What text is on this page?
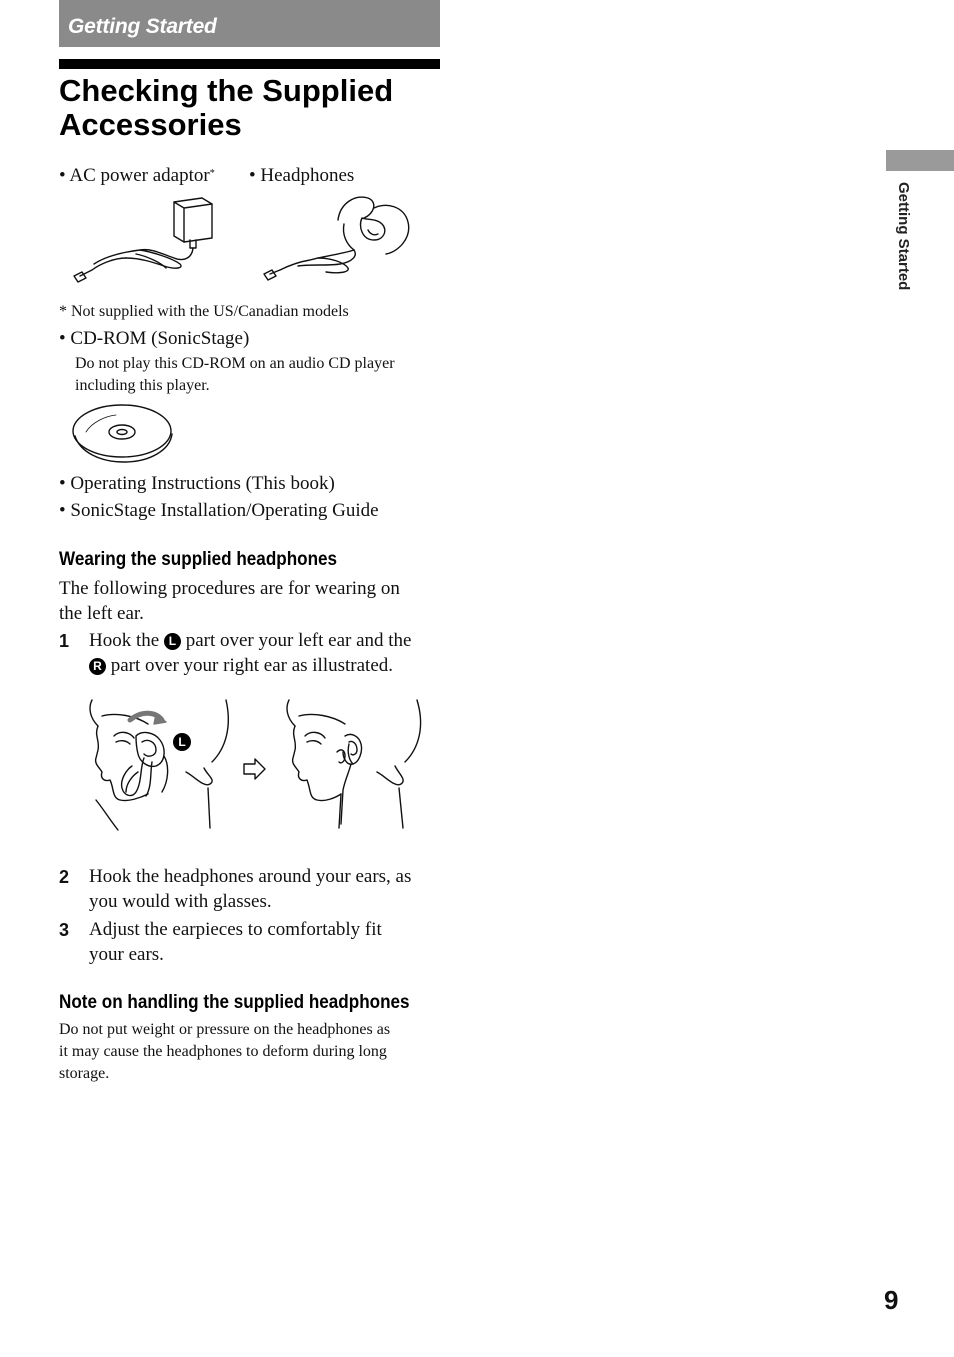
Getting Started
Checking the Supplied
Accessories
• AC power adaptor* • Headphones
* Not supplied with the US/Canadian models
• CD-ROM (SonicStage)
Do not play this CD-ROM on an audio CD player
including this player.
• Operating Instructions (This book)
• SonicStage Installation/Operating Guide
Wearing the supplied headphones
The following procedures are for wearing on
the left ear.
1 Hook the L part over your left ear and the
R part over your right ear as illustrated.
L
2 Hook the headphones around your ears, as
you would with glasses.
3 Adjust the earpieces to comfortably fit
your ears.
Note on handling the supplied headphones
Do not put weight or pressure on the headphones as
it may cause the headphones to deform during long
storage.
Getting Started
9
